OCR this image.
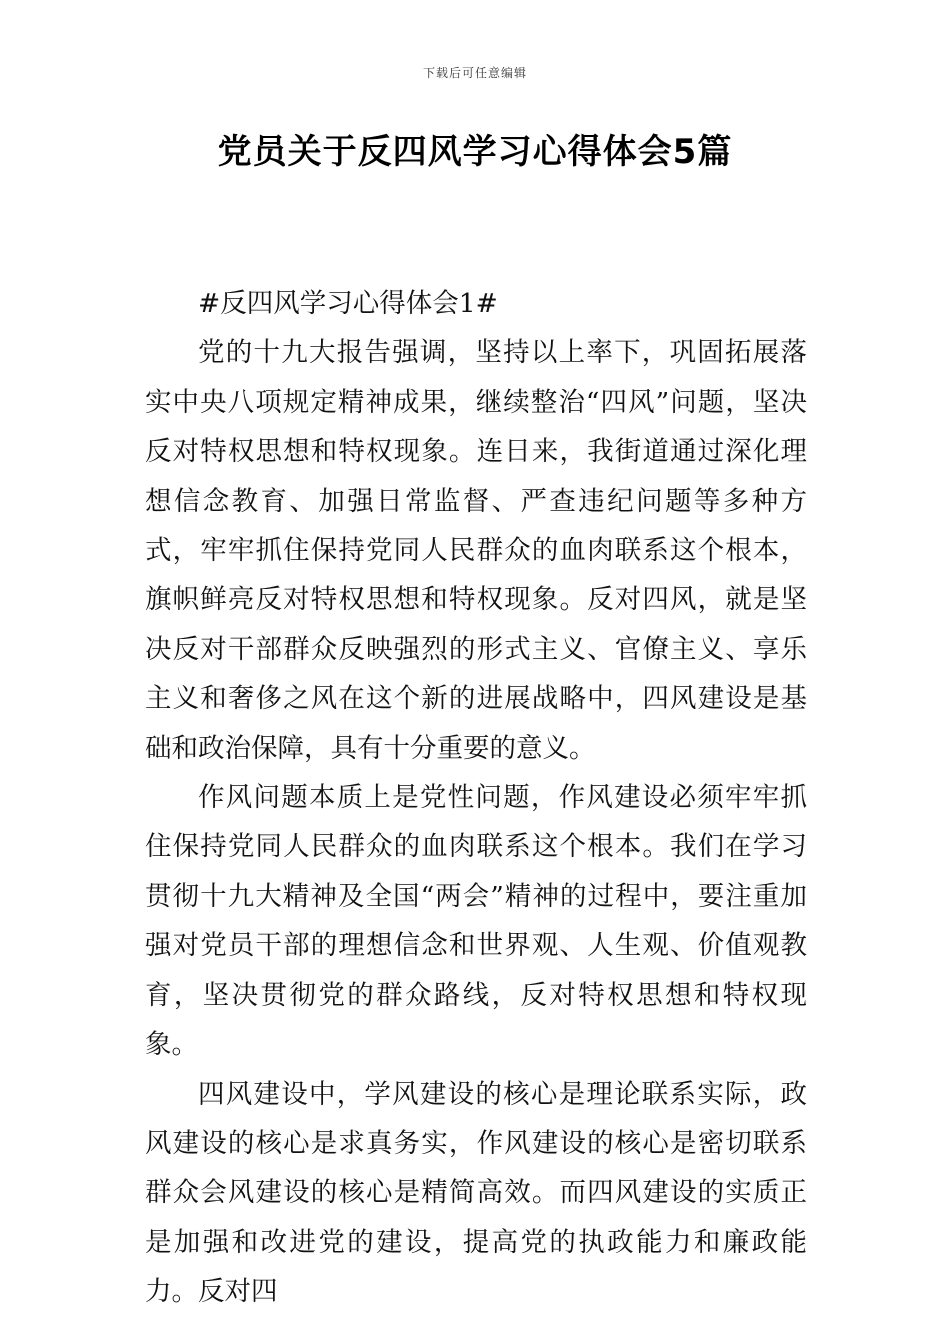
下载后可任意编辑
党员关于反四风学习心得体会5篇

#反四风学习心得体会1#

党的十九大报告强调，坚持以上率下，巩固拓展落实中央八项规定精神成果，继续整治“四风”问题，坚决反对特权思想和特权现象。连日来，我街道通过深化理想信念教育、加强日常监督、严查违纪问题等多种方式，牢牢抓住保持党同人民群众的血肉联系这个根本，旗帜鲜亮反对特权思想和特权现象。反对四风，就是坚决反对干部群众反映强烈的形式主义、官僚主义、享乐主义和奢侈之风在这个新的进展战略中，四风建设是基础和政治保障，具有十分重要的意义。

作风问题本质上是党性问题，作风建设必须牢牢抓住保持党同人民群众的血肉联系这个根本。我们在学习贯彻十九大精神及全国“两会”精神的过程中，要注重加强对党员干部的理想信念和世界观、人生观、价值观教育，坚决贯彻党的群众路线，反对特权思想和特权现象。

四风建设中，学风建设的核心是理论联系实际，政风建设的核心是求真务实，作风建设的核心是密切联系群众会风建设的核心是精简高效。而四风建设的实质正是加强和改进党的建设，提高党的执政能力和廉政能力。反对四
